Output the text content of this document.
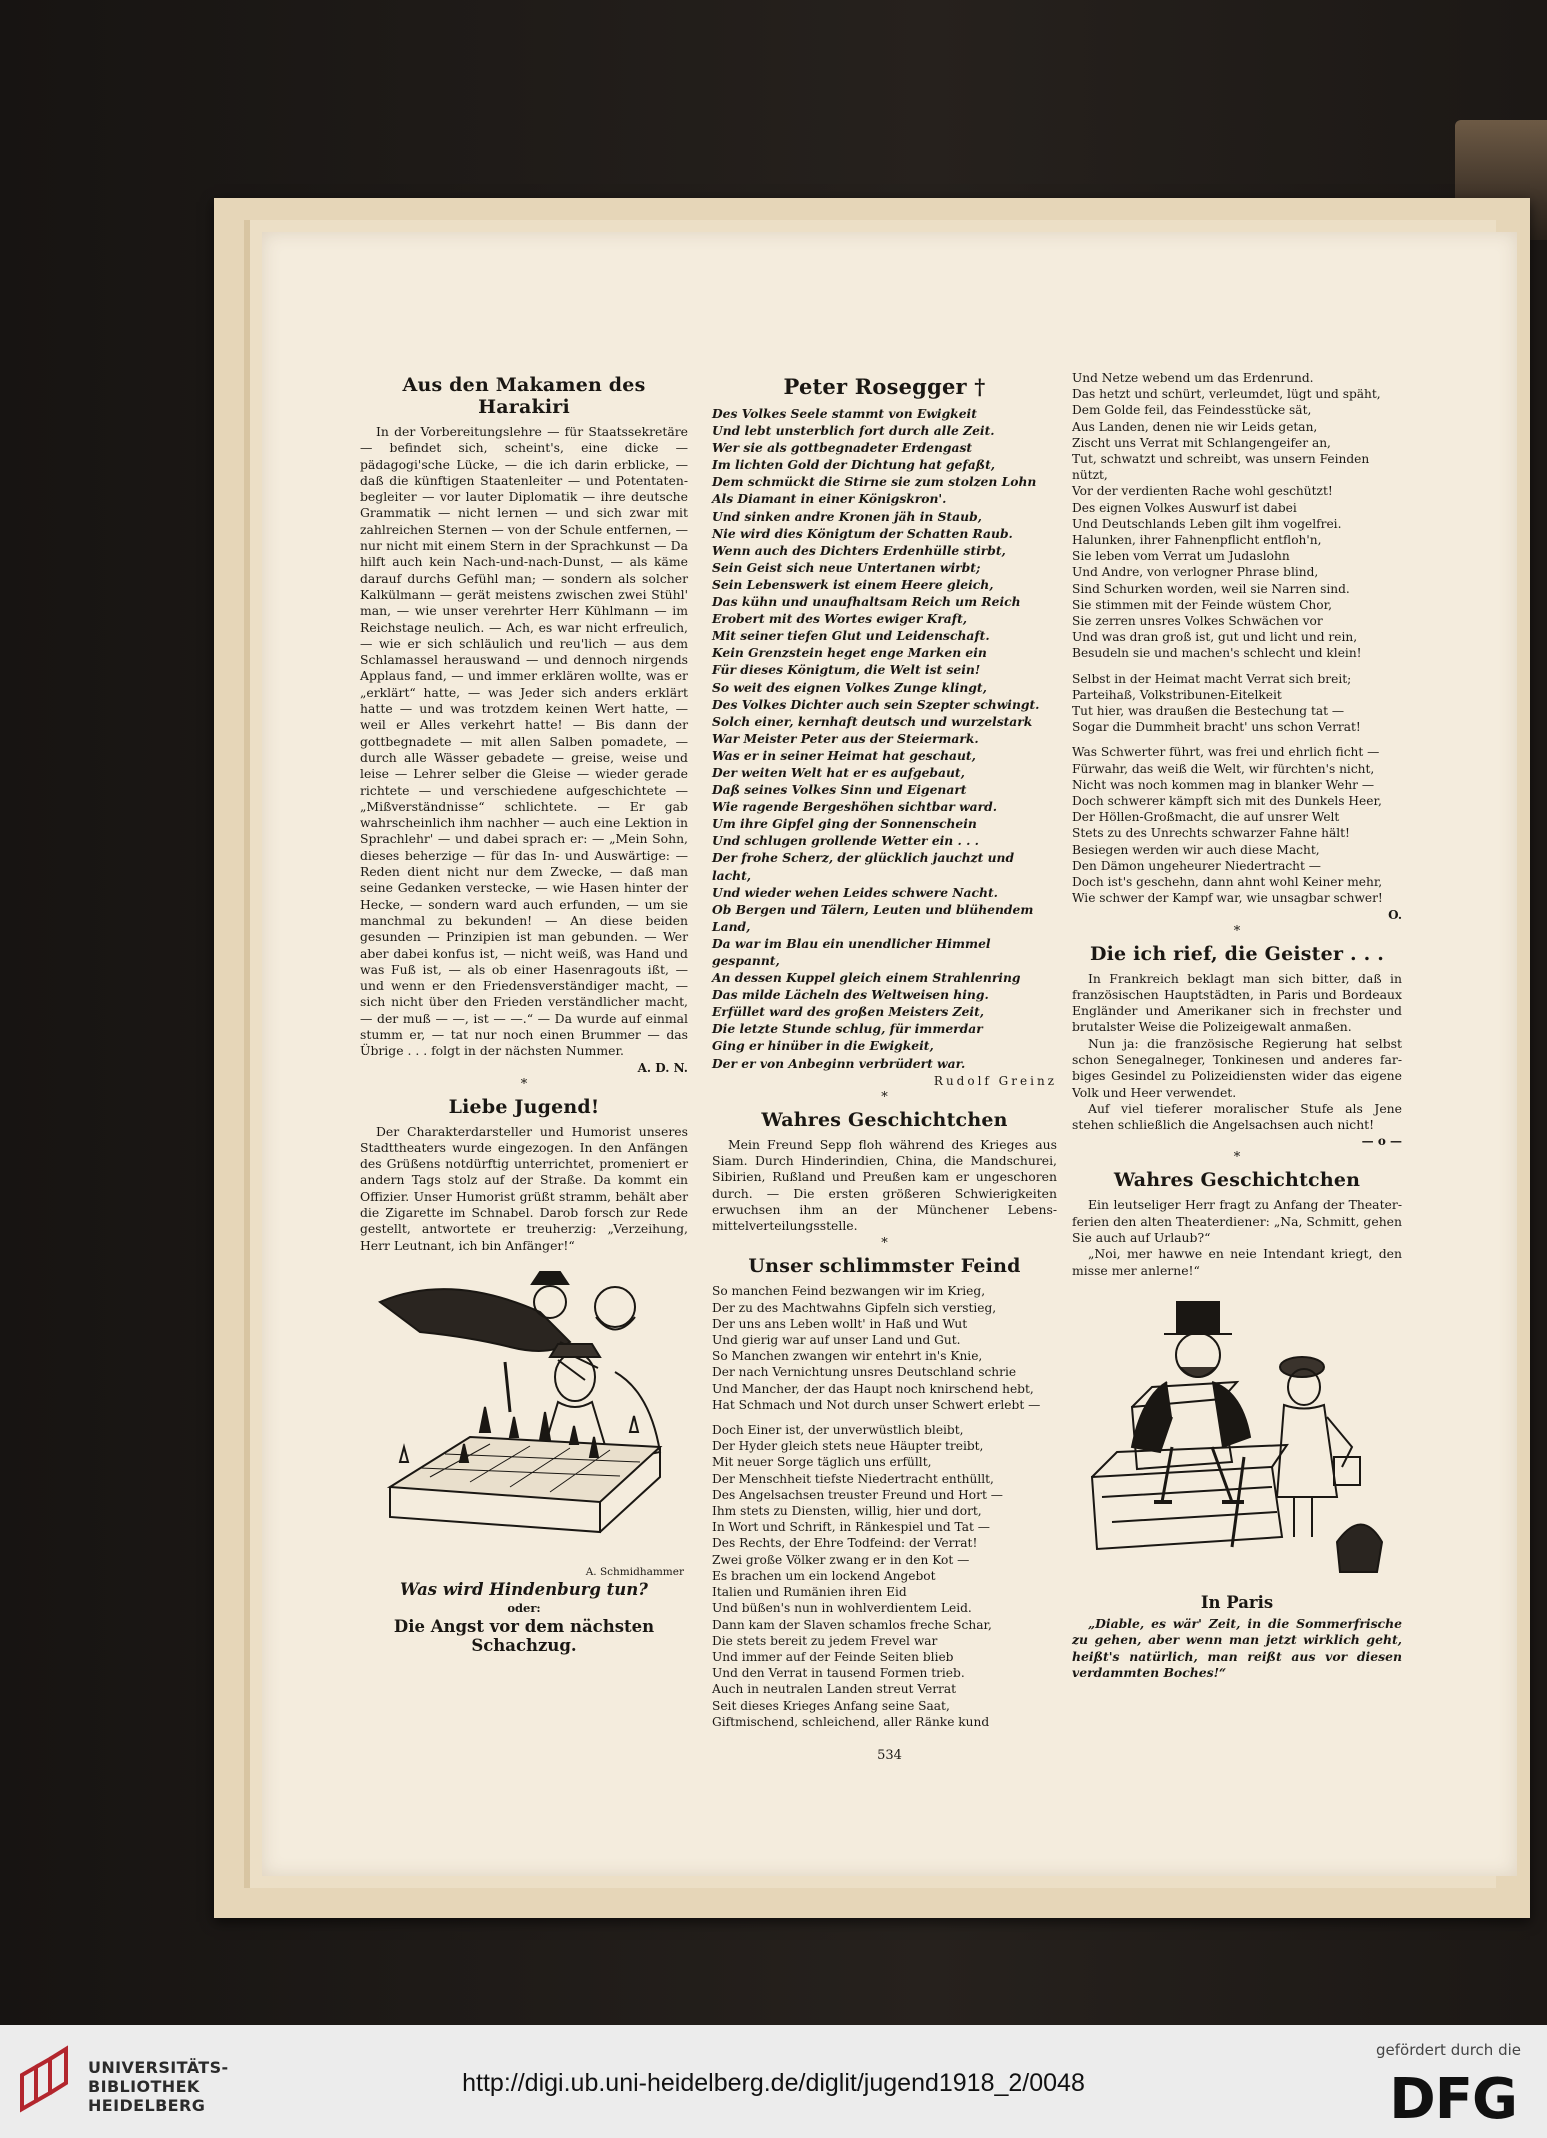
Aus den Makamen des Harakiri

In der Vorbereitungslehre — für Staatssekretäre — befindet sich, scheint's, eine dicke — pädagogi'sche Lücke, — die ich darin erblicke, — daß die künftigen Staatenleiter — und Potentatenbegleiter — vor lauter Diplomatik — ihre deutsche Grammatik — nicht lernen — und sich zwar mit zahlreichen Sternen — von der Schule entfernen, — nur nicht mit einem Stern in der Sprachkunst — Da hilft auch kein Nach-und-nach-Dunst, — als käme darauf durchs Gefühl man; — sondern als solcher Kalkülmann — gerät meistens zwischen zwei Stühl' man, — wie unser verehrter Herr Kühlmann — im Reichstage neulich. — Ach, es war nicht erfreulich, — wie er sich schläulich und reu'lich — aus dem Schlamassel herauswand — und dennoch nirgends Applaus fand, — und immer erklären wollte, was er „erklärt“ hatte, — was Jeder sich anders erklärt hatte — und was trotzdem keinen Wert hatte, — weil er Alles verkehrt hatte! — Bis dann der gottbegnadete — mit allen Salben pomadete, — durch alle Wässer gebadete — greise, weise und leise — Lehrer selber die Gleise — wieder gerade richtete — und verschiedene aufgeschichtete — „Mißverständnisse“ schlichtete. — Er gab wahrscheinlich ihm nachher — auch eine Lektion in Sprachlehr' — und dabei sprach er: — „Mein Sohn, dieses beherzige — für das In- und Auswärtige: — Reden dient nicht nur dem Zwecke, — daß man seine Gedanken verstecke, — wie Hasen hinter der Hecke, — sondern ward auch erfunden, — um sie manchmal zu bekunden! — An diese beiden gesunden — Prinzipien ist man gebunden. — Wer aber dabei konfus ist, — nicht weiß, was Hand und was Fuß ist, — als ob einer Hasenragouts ißt, — und wenn er den Friedensverständiger macht, — sich nicht über den Frieden verständlicher macht, — der muß — —, ist — —.“ — Da wurde auf einmal stumm er, — tat nur noch einen Brummer — das Übrige . . . folgt in der nächsten Nummer.

A. D. N.
*
Liebe Jugend!

Der Charakterdarsteller und Humorist unseres Stadttheaters wurde eingezogen. In den Anfängen des Grüßens notdürftig unterrichtet, promeniert er andern Tags stolz auf der Straße. Da kommt ein Offizier. Unser Humorist grüßt stramm, behält aber die Zigarette im Schnabel. Darob forsch zur Rede gestellt, antwortete er treuherzig: „Verzeihung, Herr Leutnant, ich bin Anfänger!“

A. Schmidhammer
Was wird Hindenburg tun?
oder:
Die Angst vor dem nächsten Schachzug.
Peter Rosegger †
Des Volkes Seele stammt von Ewigkeit
Und lebt unsterblich fort durch alle Zeit.
Wer sie als gottbegnadeter Erdengast
Im lichten Gold der Dichtung hat gefaßt,
Dem schmückt die Stirne sie zum stolzen Lohn
Als Diamant in einer Königskron'.
Und sinken andre Kronen jäh in Staub,
Nie wird dies Königtum der Schatten Raub.
Wenn auch des Dichters Erdenhülle stirbt,
Sein Geist sich neue Untertanen wirbt;
Sein Lebenswerk ist einem Heere gleich,
Das kühn und unaufhaltsam Reich um Reich
Erobert mit des Wortes ewiger Kraft,
Mit seiner tiefen Glut und Leidenschaft.
Kein Grenzstein heget enge Marken ein
Für dieses Königtum, die Welt ist sein!
So weit des eignen Volkes Zunge klingt,
Des Volkes Dichter auch sein Szepter schwingt.
Solch einer, kernhaft deutsch und wurzelstark
War Meister Peter aus der Steiermark.
Was er in seiner Heimat hat geschaut,
Der weiten Welt hat er es aufgebaut,
Daß seines Volkes Sinn und Eigenart
Wie ragende Bergeshöhen sichtbar ward.
Um ihre Gipfel ging der Sonnenschein
Und schlugen grollende Wetter ein . . .
Der frohe Scherz, der glücklich jauchzt und lacht,
Und wieder wehen Leides schwere Nacht.
Ob Bergen und Tälern, Leuten und blühendem Land,
Da war im Blau ein unendlicher Himmel gespannt,
An dessen Kuppel gleich einem Strahlenring
Das milde Lächeln des Weltweisen hing.
Erfüllet ward des großen Meisters Zeit,
Die letzte Stunde schlug, für immerdar
Ging er hinüber in die Ewigkeit,
Der er von Anbeginn verbrüdert war.
Rudolf Greinz
*
Wahres Geschichtchen

Mein Freund Sepp floh während des Krieges aus Siam. Durch Hinderindien, China, die Mandschurei, Sibirien, Rußland und Preußen kam er ungeschoren durch. — Die ersten größeren Schwierigkeiten erwuchsen ihm an der Münchener Lebensmittelverteilungsstelle.

*
Unser schlimmster Feind
So manchen Feind bezwangen wir im Krieg,
Der zu des Machtwahns Gipfeln sich verstieg,
Der uns ans Leben wollt' in Haß und Wut
Und gierig war auf unser Land und Gut.
So Manchen zwangen wir entehrt in's Knie,
Der nach Vernichtung unsres Deutschland schrie
Und Mancher, der das Haupt noch knirschend hebt,
Hat Schmach und Not durch unser Schwert erlebt —
Doch Einer ist, der unverwüstlich bleibt,
Der Hyder gleich stets neue Häupter treibt,
Mit neuer Sorge täglich uns erfüllt,
Der Menschheit tiefste Niedertracht enthüllt,
Des Angelsachsen treuster Freund und Hort —
Ihm stets zu Diensten, willig, hier und dort,
In Wort und Schrift, in Ränkespiel und Tat —
Des Rechts, der Ehre Todfeind: der Verrat!
Zwei große Völker zwang er in den Kot —
Es brachen um ein lockend Angebot
Italien und Rumänien ihren Eid
Und büßen's nun in wohlverdientem Leid.
Dann kam der Slaven schamlos freche Schar,
Die stets bereit zu jedem Frevel war
Und immer auf der Feinde Seiten blieb
Und den Verrat in tausend Formen trieb.
Auch in neutralen Landen streut Verrat
Seit dieses Krieges Anfang seine Saat,
Giftmischend, schleichend, aller Ränke kund
Und Netze webend um das Erdenrund.
Das hetzt und schürt, verleumdet, lügt und späht,
Dem Golde feil, das Feindesstücke sät,
Aus Landen, denen nie wir Leids getan,
Zischt uns Verrat mit Schlangengeifer an,
Tut, schwatzt und schreibt, was unsern Feinden nützt,
Vor der verdienten Rache wohl geschützt!
Des eignen Volkes Auswurf ist dabei
Und Deutschlands Leben gilt ihm vogelfrei.
Halunken, ihrer Fahnenpflicht entfloh'n,
Sie leben vom Verrat um Judaslohn
Und Andre, von verlogner Phrase blind,
Sind Schurken worden, weil sie Narren sind.
Sie stimmen mit der Feinde wüstem Chor,
Sie zerren unsres Volkes Schwächen vor
Und was dran groß ist, gut und licht und rein,
Besudeln sie und machen's schlecht und klein!
Selbst in der Heimat macht Verrat sich breit;
Parteihaß, Volkstribunen-Eitelkeit
Tut hier, was draußen die Bestechung tat —
Sogar die Dummheit bracht' uns schon Verrat!
Was Schwerter führt, was frei und ehrlich ficht —
Fürwahr, das weiß die Welt, wir fürchten's nicht,
Nicht was noch kommen mag in blanker Wehr —
Doch schwerer kämpft sich mit des Dunkels Heer,
Der Höllen-Großmacht, die auf unsrer Welt
Stets zu des Unrechts schwarzer Fahne hält!
Besiegen werden wir auch diese Macht,
Den Dämon ungeheurer Niedertracht —
Doch ist's geschehn, dann ahnt wohl Keiner mehr,
Wie schwer der Kampf war, wie unsagbar schwer!
O.
*
Die ich rief, die Geister . . .

In Frankreich beklagt man sich bitter, daß in französischen Hauptstädten, in Paris und Bordeaux Engländer und Amerikaner sich in frechster und brutalster Weise die Polizeigewalt anmaßen.

Nun ja: die französische Regierung hat selbst schon Senegalneger, Tonkinesen und anderes farbiges Gesindel zu Polizeidiensten wider das eigene Volk und Heer verwendet.

Auf viel tieferer moralischer Stufe als Jene stehen schließlich die Angelsachsen auch nicht!

— o —
*
Wahres Geschichtchen

Ein leutseliger Herr fragt zu Anfang der Theaterferien den alten Theaterdiener: „Na, Schmitt, gehen Sie auch auf Urlaub?“

„Noi, mer hawwe en neie Intendant kriegt, den misse mer anlerne!“

In Paris

„Diable, es wär' Zeit, in die Sommerfrische zu gehen, aber wenn man jetzt wirklich geht, heißt's natürlich, man reißt aus vor diesen verdammten Boches!“

534
UNIVERSITÄTS-
BIBLIOTHEK
HEIDELBERG
http://digi.ub.uni-heidelberg.de/diglit/jugend1918_2/0048
gefördert durch die
DFG
